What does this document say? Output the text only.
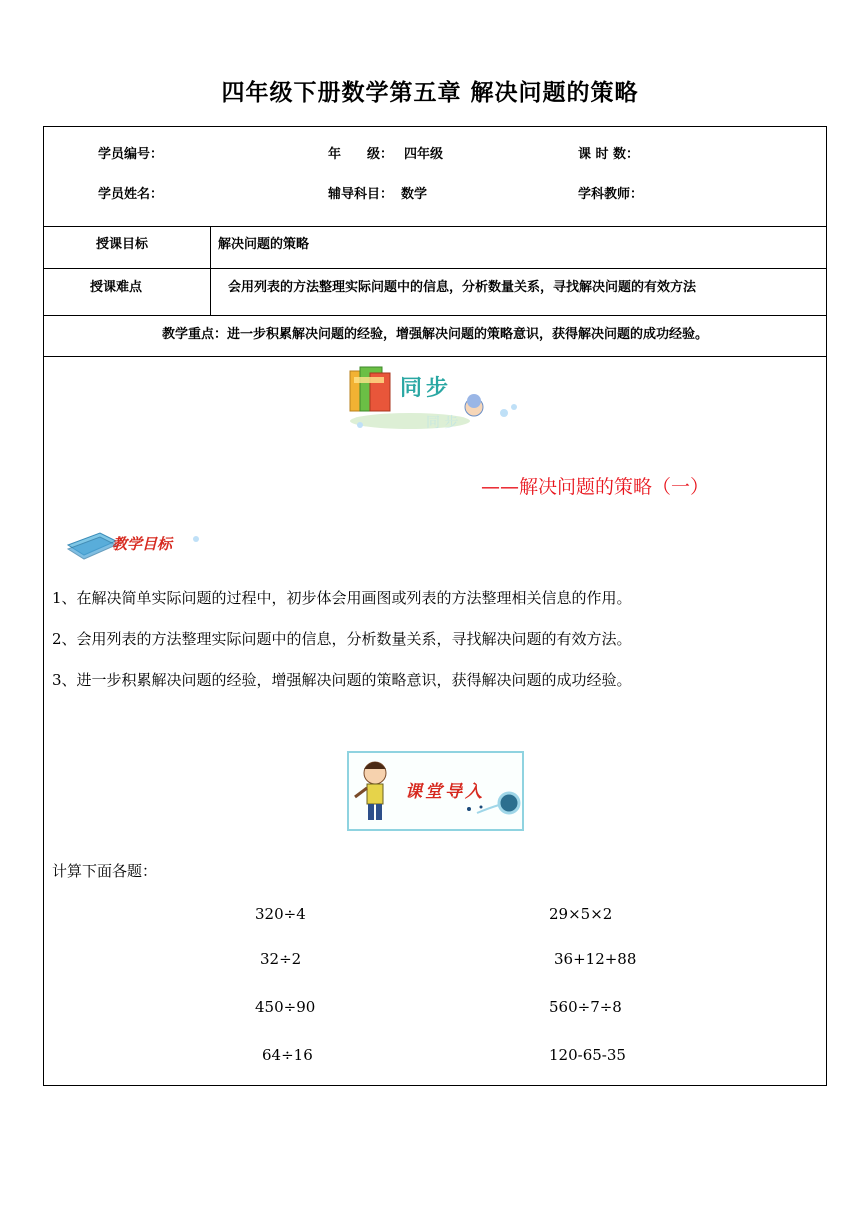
四年级下册数学第五章 解决问题的策略
学员编号：	年　　级： 四年级	课 时 数：
学员姓名：	辅导科目： 数学	学科教师：
授课目标	解决问题的策略
授课难点	会用列表的方法整理实际问题中的信息，分析数量关系，寻找解决问题的有效方法
教学重点：进一步积累解决问题的经验，增强解决问题的策略意识，获得解决问题的成功经验。
同 步
同步
——解决问题的策略（一）
教学目标
1、在解决简单实际问题的过程中，初步体会用画图或列表的方法整理相关信息的作用。
2、会用列表的方法整理实际问题中的信息，分析数量关系，寻找解决问题的有效方法。
3、进一步积累解决问题的经验，增强解决问题的策略意识，获得解决问题的成功经验。
课堂导入
计算下面各题：
320÷4	29×5×2
32÷2	36+12+88
450÷90	560÷7÷8
64÷16	120-65-35
